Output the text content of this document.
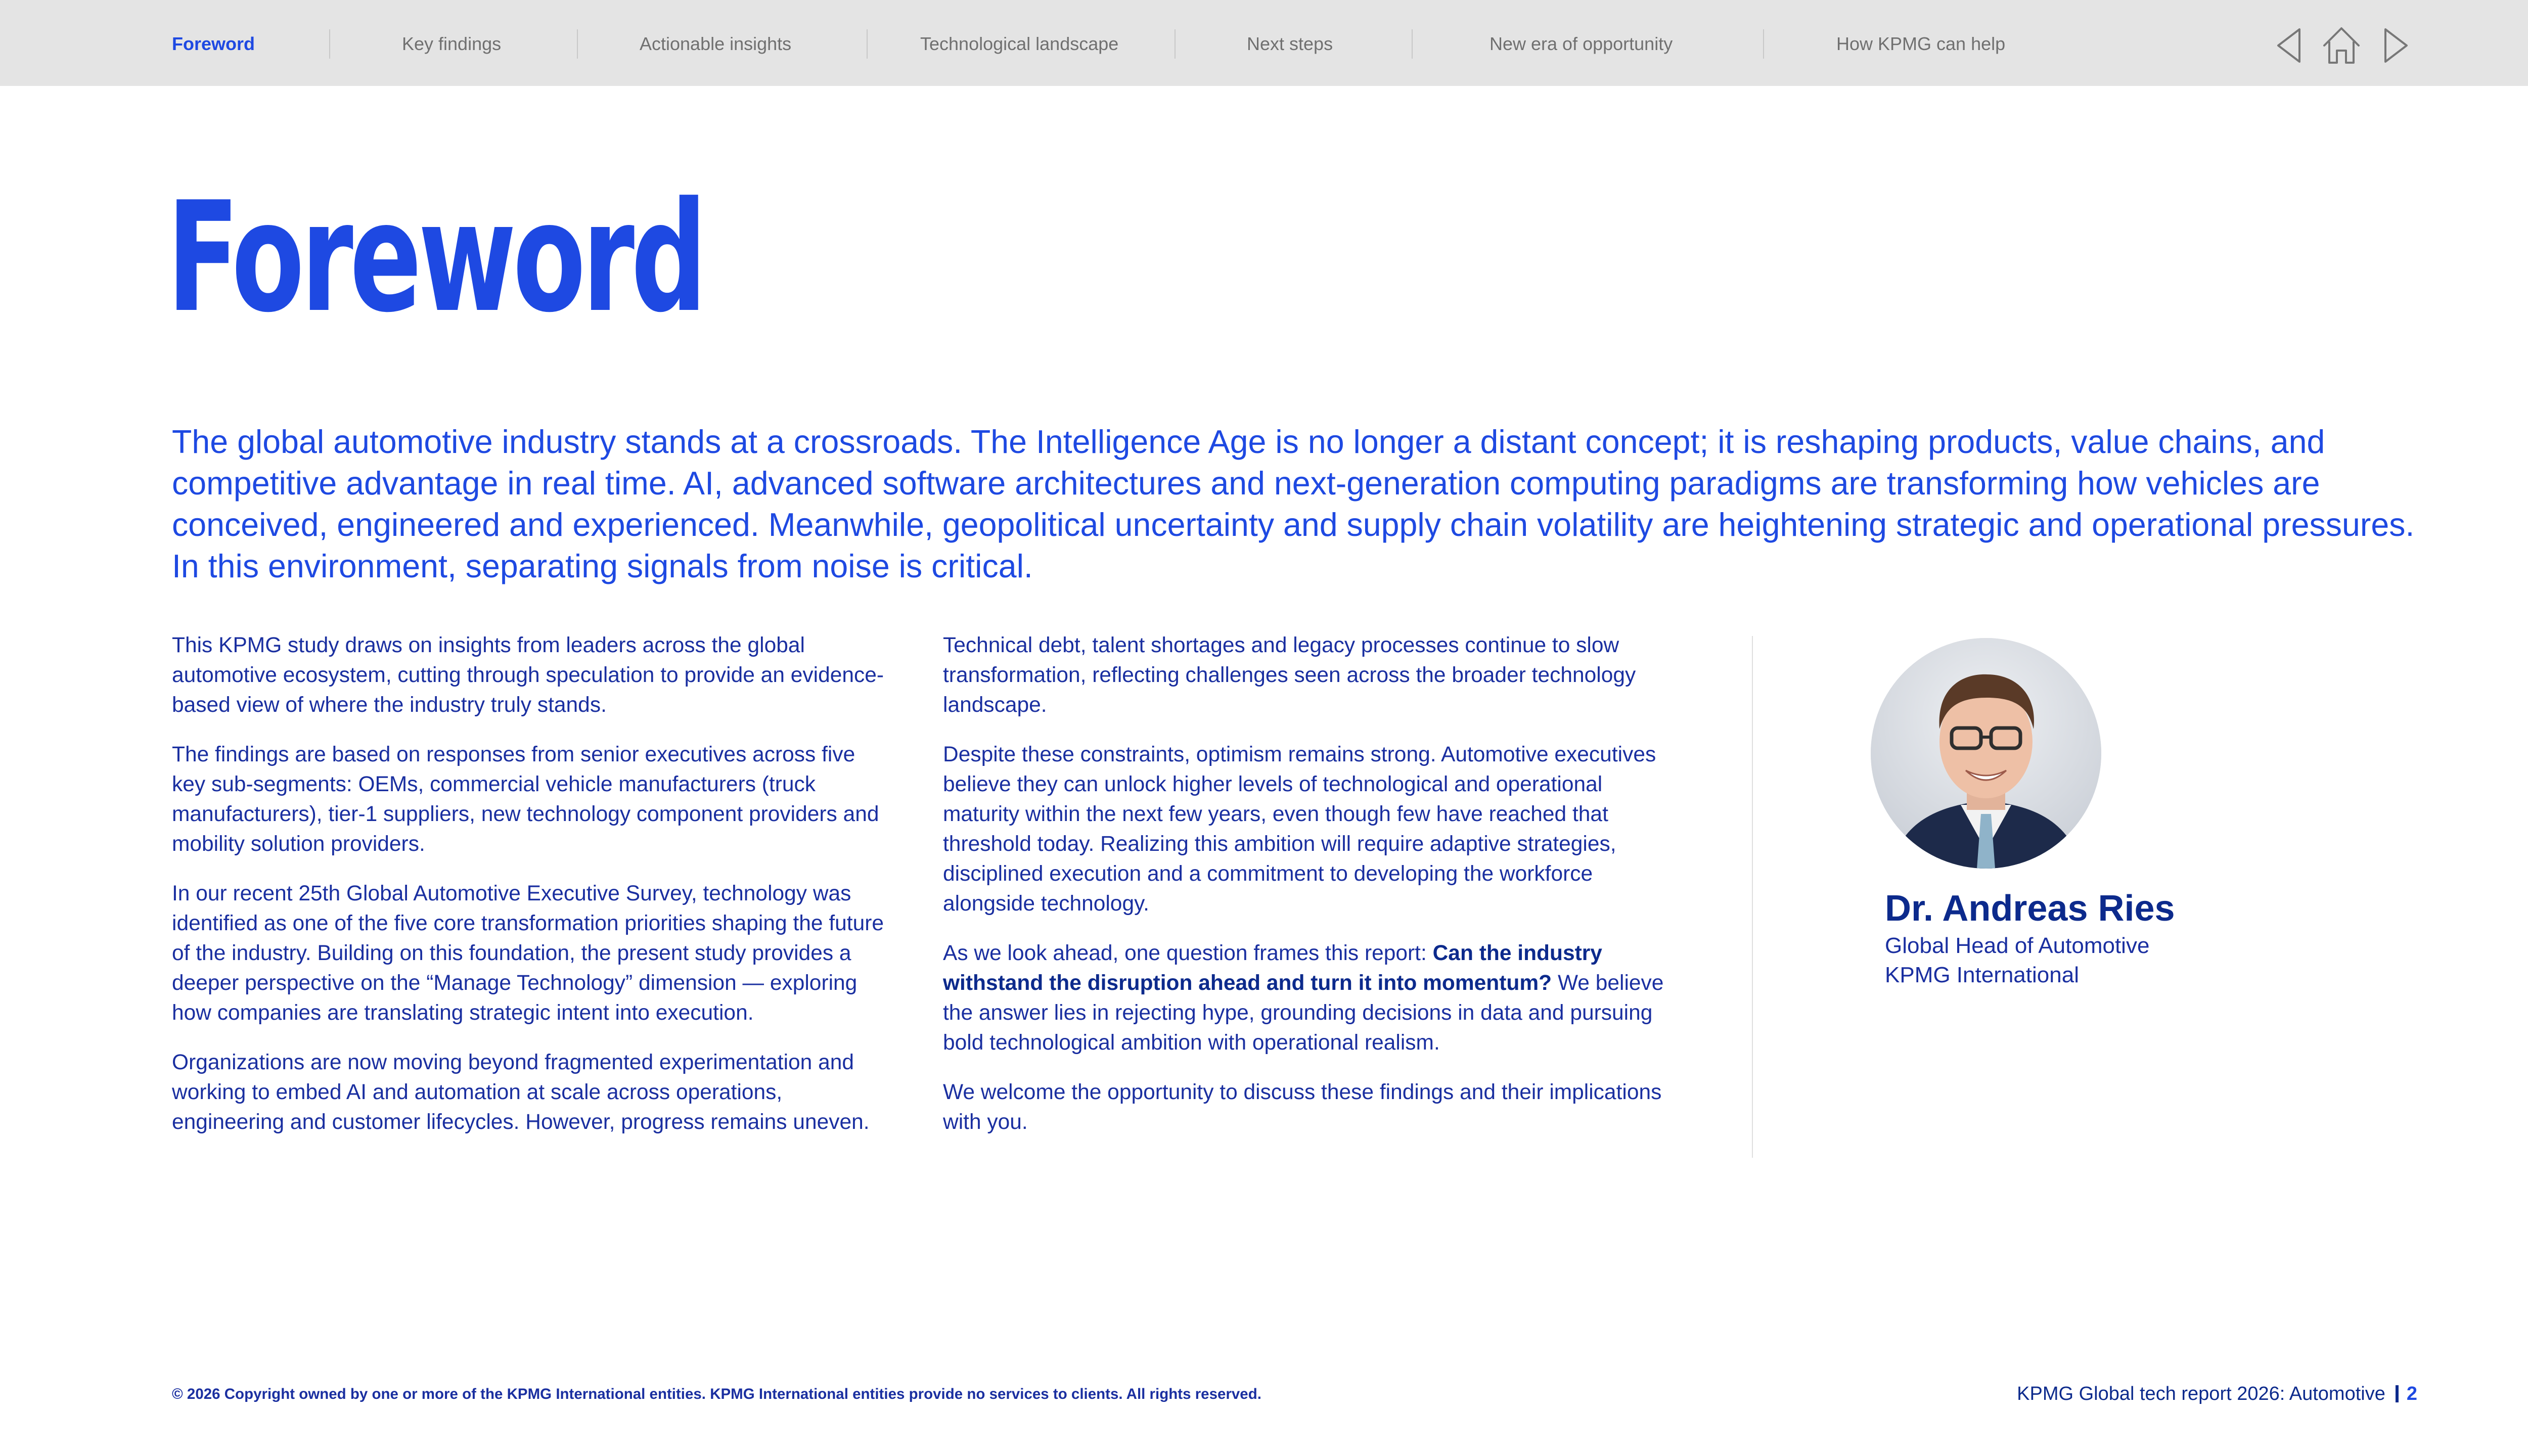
Foreword	Key findings	Actionable insights	Technological landscape	Next steps	New era of opportunity	How KPMG can help
Foreword

The global automotive industry stands at a crossroads. The Intelligence Age is no longer a distant concept; it is reshaping products, value chains, and competitive advantage in real time. AI, advanced software architectures and next-generation computing paradigms are transforming how vehicles are conceived, engineered and experienced. Meanwhile, geopolitical uncertainty and supply chain volatility are heightening strategic and operational pressures. In this environment, separating signals from noise is critical.

This KPMG study draws on insights from leaders across the global automotive ecosystem, cutting through speculation to provide an evidence-based view of where the industry truly stands.

The findings are based on responses from senior executives across five key sub-segments: OEMs, commercial vehicle manufacturers (truck manufacturers), tier-1 suppliers, new technology component providers and mobility solution providers.

In our recent 25th Global Automotive Executive Survey, technology was identified as one of the five core transformation priorities shaping the future of the industry. Building on this foundation, the present study provides a deeper perspective on the “Manage Technology” dimension — exploring how companies are translating strategic intent into execution.

Organizations are now moving beyond fragmented experimentation and working to embed AI and automation at scale across operations, engineering and customer lifecycles. However, progress remains uneven.

Technical debt, talent shortages and legacy processes continue to slow transformation, reflecting challenges seen across the broader technology landscape.

Despite these constraints, optimism remains strong. Automotive executives believe they can unlock higher levels of technological and operational maturity within the next few years, even though few have reached that threshold today. Realizing this ambition will require adaptive strategies, disciplined execution and a commitment to developing the workforce alongside technology.

As we look ahead, one question frames this report: Can the industry withstand the disruption ahead and turn it into momentum? We believe the answer lies in rejecting hype, grounding decisions in data and pursuing bold technological ambition with operational realism.

We welcome the opportunity to discuss these findings and their implications with you.

Dr. Andreas Ries
Global Head of Automotive
KPMG International
© 2026 Copyright owned by one or more of the KPMG International entities. KPMG International entities provide no services to clients. All rights reserved.	KPMG Global tech report 2026: Automotive 2
